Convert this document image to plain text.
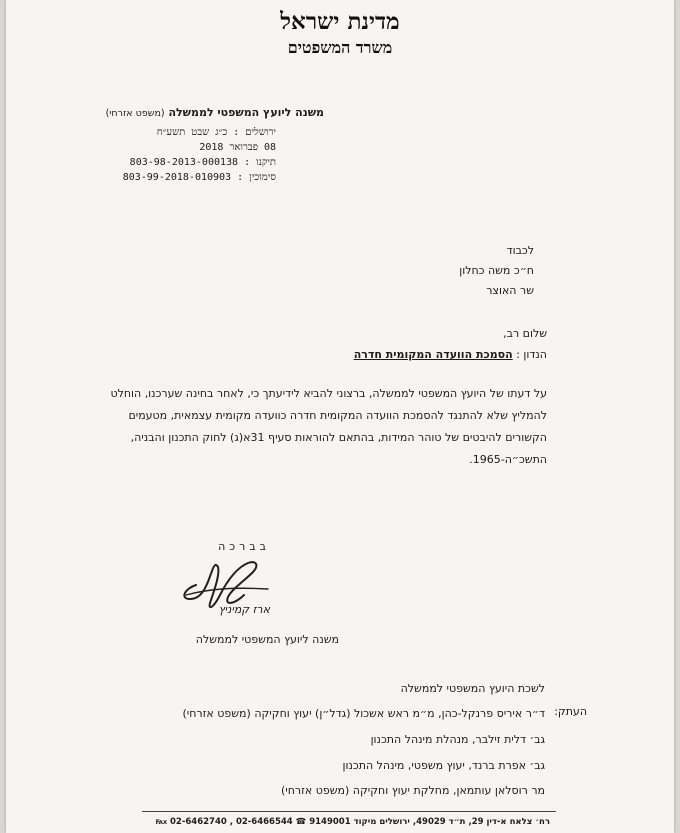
מדינת ישראל
משרד המשפטים
משנה ליועץ המשפטי לממשלה (משפט אזרחי)
ירושלים : כ״ג שבט תשע״ח
08 פברואר 2018
תיקנו : 803-98-2013-000138
סימוכין : 803-99-2018-010903
לכבוד
ח״כ משה כחלון
שר האוצר
שלום רב,
הנדון : הסמכת הוועדה המקומית חדרה
על דעתו של היועץ המשפטי לממשלה, ברצוני להביא לידיעתך כי, לאחר בחינה שערכנו, הוחלט
להמליץ שלא להתנגד להסמכת הוועדה המקומית חדרה כוועדה מקומית עצמאית, מטעמים
הקשורים להיבטים של טוהר המידות, בהתאם להוראות סעיף 31א(ג) לחוק התכנון והבניה,
התשכ״ה-1965.
בברכה
ארז קמיניץ
משנה ליועץ המשפטי לממשלה
העתק:
לשכת היועץ המשפטי לממשלה
ד״ר איריס פרנקל-כהן, מ״מ ראש אשכול (גדל״ן) יעוץ וחקיקה (משפט אזרחי)
גב׳ דלית זילבר, מנהלת מינהל התכנון
גב׳ אפרת ברנד, יעוץ משפטי, מינהל התכנון
מר רוסלאן עותמאן, מחלקת יעוץ וחקיקה (משפט אזרחי)
רח׳ צלאח א-דין 29, ת״ד 49029, ירושלים מיקוד 9149001 ☎ 02-6466544 , 02-6462740 ℻
